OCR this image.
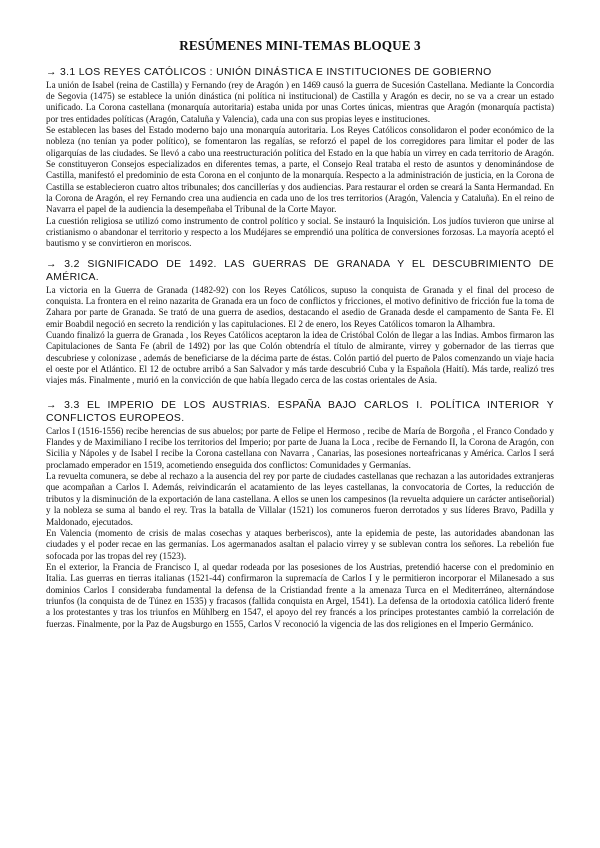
RESÚMENES MINI-TEMAS BLOQUE 3

→ 3.1 LOS REYES CATÓLICOS : UNIÓN DINÁSTICA E INSTITUCIONES DE GOBIERNO

La unión de Isabel (reina de Castilla) y Fernando (rey de Aragón ) en 1469 causó la guerra de Sucesión Castellana. Mediante la Concordia de Segovia (1475) se establece la unión dinástica (ni política ni institucional) de Castilla y Aragón es decir, no se va a crear un estado unificado. La Corona castellana (monarquía autoritaria) estaba unida por unas Cortes únicas, mientras que Aragón (monarquía pactista) por tres entidades políticas (Aragón, Cataluña y Valencia), cada una con sus propias leyes e instituciones.

Se establecen las bases del Estado moderno bajo una monarquía autoritaria. Los Reyes Católicos consolidaron el poder económico de la nobleza (no tenían ya poder político), se fomentaron las regalías, se reforzó el papel de los corregidores para limitar el poder de las oligarquías de las ciudades. Se llevó a cabo una reestructuración política del Estado en la que había un virrey en cada territorio de Aragón. Se constituyeron Consejos especializados en diferentes temas, a parte, el Consejo Real trataba el resto de asuntos y denominándose de Castilla, manifestó el predominio de esta Corona en el conjunto de la monarquía. Respecto a la administración de justicia, en la Corona de Castilla se establecieron cuatro altos tribunales; dos cancillerías y dos audiencias. Para restaurar el orden se creará la Santa Hermandad. En la Corona de Aragón, el rey Fernando crea una audiencia en cada uno de los tres territorios (Aragón, Valencia y Cataluña). En el reino de Navarra el papel de la audiencia la desempeñaba el Tribunal de la Corte Mayor.

La cuestión religiosa se utilizó como instrumento de control político y social. Se instauró la Inquisición. Los judíos tuvieron que unirse al cristianismo o abandonar el territorio y respecto a los Mudéjares se emprendió una política de conversiones forzosas. La mayoría aceptó el bautismo y se convirtieron en moriscos.

→ 3.2 SIGNIFICADO DE 1492. LAS GUERRAS DE GRANADA Y EL DESCUBRIMIENTO DE AMÉRICA.

La victoria en la Guerra de Granada (1482-92) con los Reyes Católicos, supuso la conquista de Granada y el final del proceso de conquista. La frontera en el reino nazarita de Granada era un foco de conflictos y fricciones, el motivo definitivo de fricción fue la toma de Zahara por parte de Granada. Se trató de una guerra de asedios, destacando el asedio de Granada desde el campamento de Santa Fe. El emir Boabdil negoció en secreto la rendición y las capitulaciones. El 2 de enero, los Reyes Católicos tomaron la Alhambra.

Cuando finalizó la guerra de Granada , los Reyes Católicos aceptaron la idea de Cristóbal Colón de llegar a las Indias. Ambos firmaron las Capitulaciones de Santa Fe (abril de 1492) por las que Colón obtendría el título de almirante, virrey y gobernador de las tierras que descubriese y colonizase , además de beneficiarse de la décima parte de éstas. Colón partió del puerto de Palos comenzando un viaje hacia el oeste por el Atlántico. El 12 de octubre arribó a San Salvador y más tarde descubrió Cuba y la Española (Haití). Más tarde, realizó tres viajes más. Finalmente , murió en la convicción de que había llegado cerca de las costas orientales de Asia.

→ 3.3 EL IMPERIO DE LOS AUSTRIAS. ESPAÑA BAJO CARLOS I. POLÍTICA INTERIOR Y CONFLICTOS EUROPEOS.

Carlos I (1516-1556) recibe herencias de sus abuelos; por parte de Felipe el Hermoso , recibe de María de Borgoña , el Franco Condado y Flandes y de Maximiliano I recibe los territorios del Imperio; por parte de Juana la Loca , recibe de Fernando II, la Corona de Aragón, con Sicilia y Nápoles y de Isabel I recibe la Corona castellana con Navarra , Canarias, las posesiones norteafricanas y América. Carlos I será proclamado emperador en 1519, acometiendo enseguida dos conflictos: Comunidades y Germanías.

La revuelta comunera, se debe al rechazo a la ausencia del rey por parte de ciudades castellanas que rechazan a las autoridades extranjeras que acompañan a Carlos I. Además, reivindicarán el acatamiento de las leyes castellanas, la convocatoria de Cortes, la reducción de tributos y la disminución de la exportación de lana castellana. A ellos se unen los campesinos (la revuelta adquiere un carácter antiseñorial) y la nobleza se suma al bando el rey. Tras la batalla de Villalar (1521) los comuneros fueron derrotados y sus líderes Bravo, Padilla y Maldonado, ejecutados.

En Valencia (momento de crisis de malas cosechas y ataques berberiscos), ante la epidemia de peste, las autoridades abandonan las ciudades y el poder recae en las germanías. Los agermanados asaltan el palacio virrey y se sublevan contra los señores. La rebelión fue sofocada por las tropas del rey (1523).

En el exterior, la Francia de Francisco I, al quedar rodeada por las posesiones de los Austrias, pretendió hacerse con el predominio en Italia. Las guerras en tierras italianas (1521-44) confirmaron la supremacía de Carlos I y le permitieron incorporar el Milanesado a sus dominios Carlos I consideraba fundamental la defensa de la Cristiandad frente a la amenaza Turca en el Mediterráneo, alternándose triunfos (la conquista de de Túnez en 1535) y fracasos (fallida conquista en Argel, 1541). La defensa de la ortodoxia católica lideró frente a los protestantes y tras los triunfos en Mühlberg en 1547, el apoyo del rey francés a los príncipes protestantes cambió la correlación de fuerzas. Finalmente, por la Paz de Augsburgo en 1555, Carlos V reconoció la vigencia de las dos religiones en el Imperio Germánico.
